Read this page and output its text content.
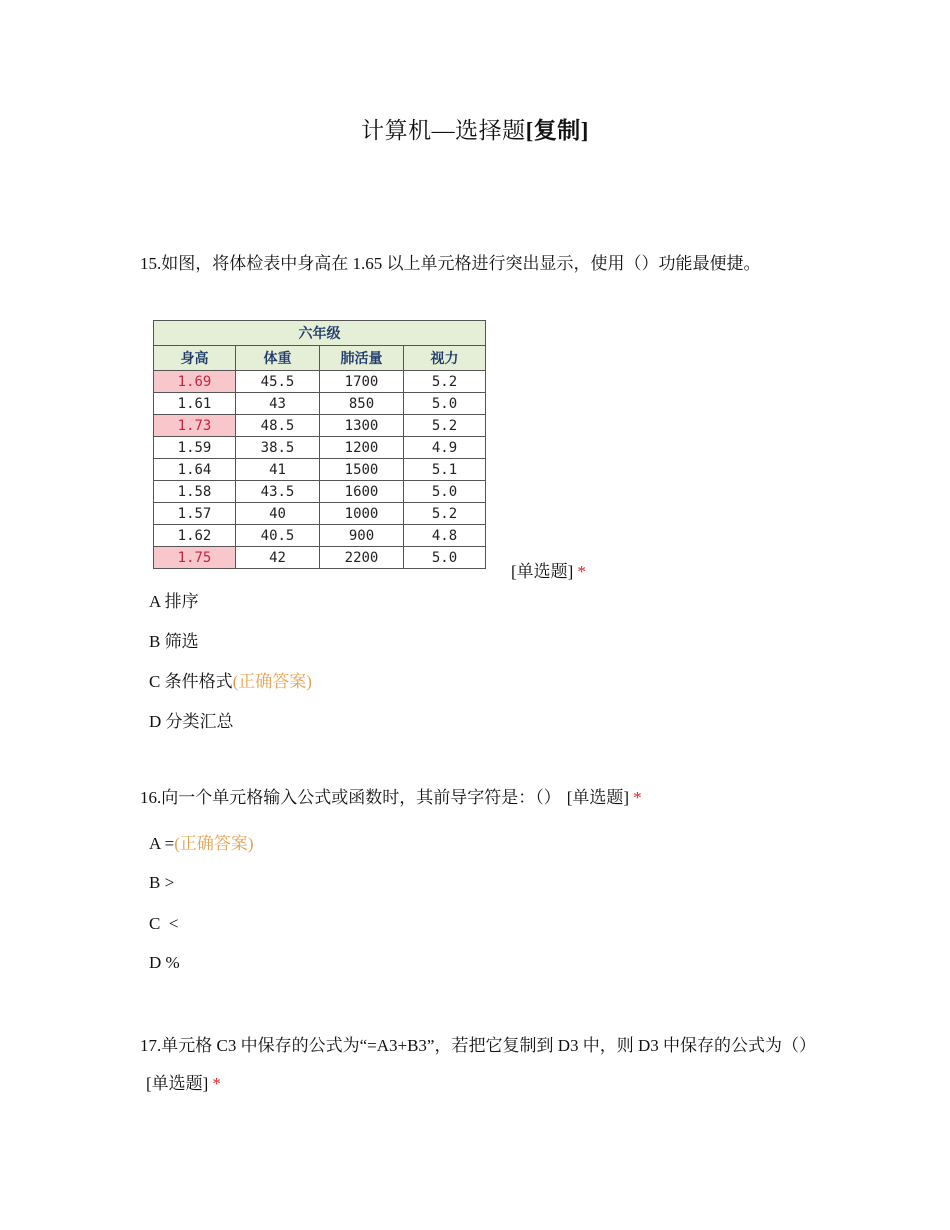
计算机—选择题[复制]
15.如图，将体检表中身高在 1.65 以上单元格进行突出显示，使用（）功能最便捷。
六年级			
身高	体重	肺活量	视力
1.69	45.5	1700	5.2
1.61	43	850	5.0
1.73	48.5	1300	5.2
1.59	38.5	1200	4.9
1.64	41	1500	5.1
1.58	43.5	1600	5.0
1.57	40	1000	5.2
1.62	40.5	900	4.8
1.75	42	2200	5.0
[单选题] *
A 排序
B 筛选
C 条件格式(正确答案)
D 分类汇总
16.向一个单元格输入公式或函数时，其前导字符是：（） [单选题] *
A =(正确答案)
B >
C <
D %
17.单元格 C3 中保存的公式为“=A3+B3”，若把它复制到 D3 中，则 D3 中保存的公式为（）[单选题] *
